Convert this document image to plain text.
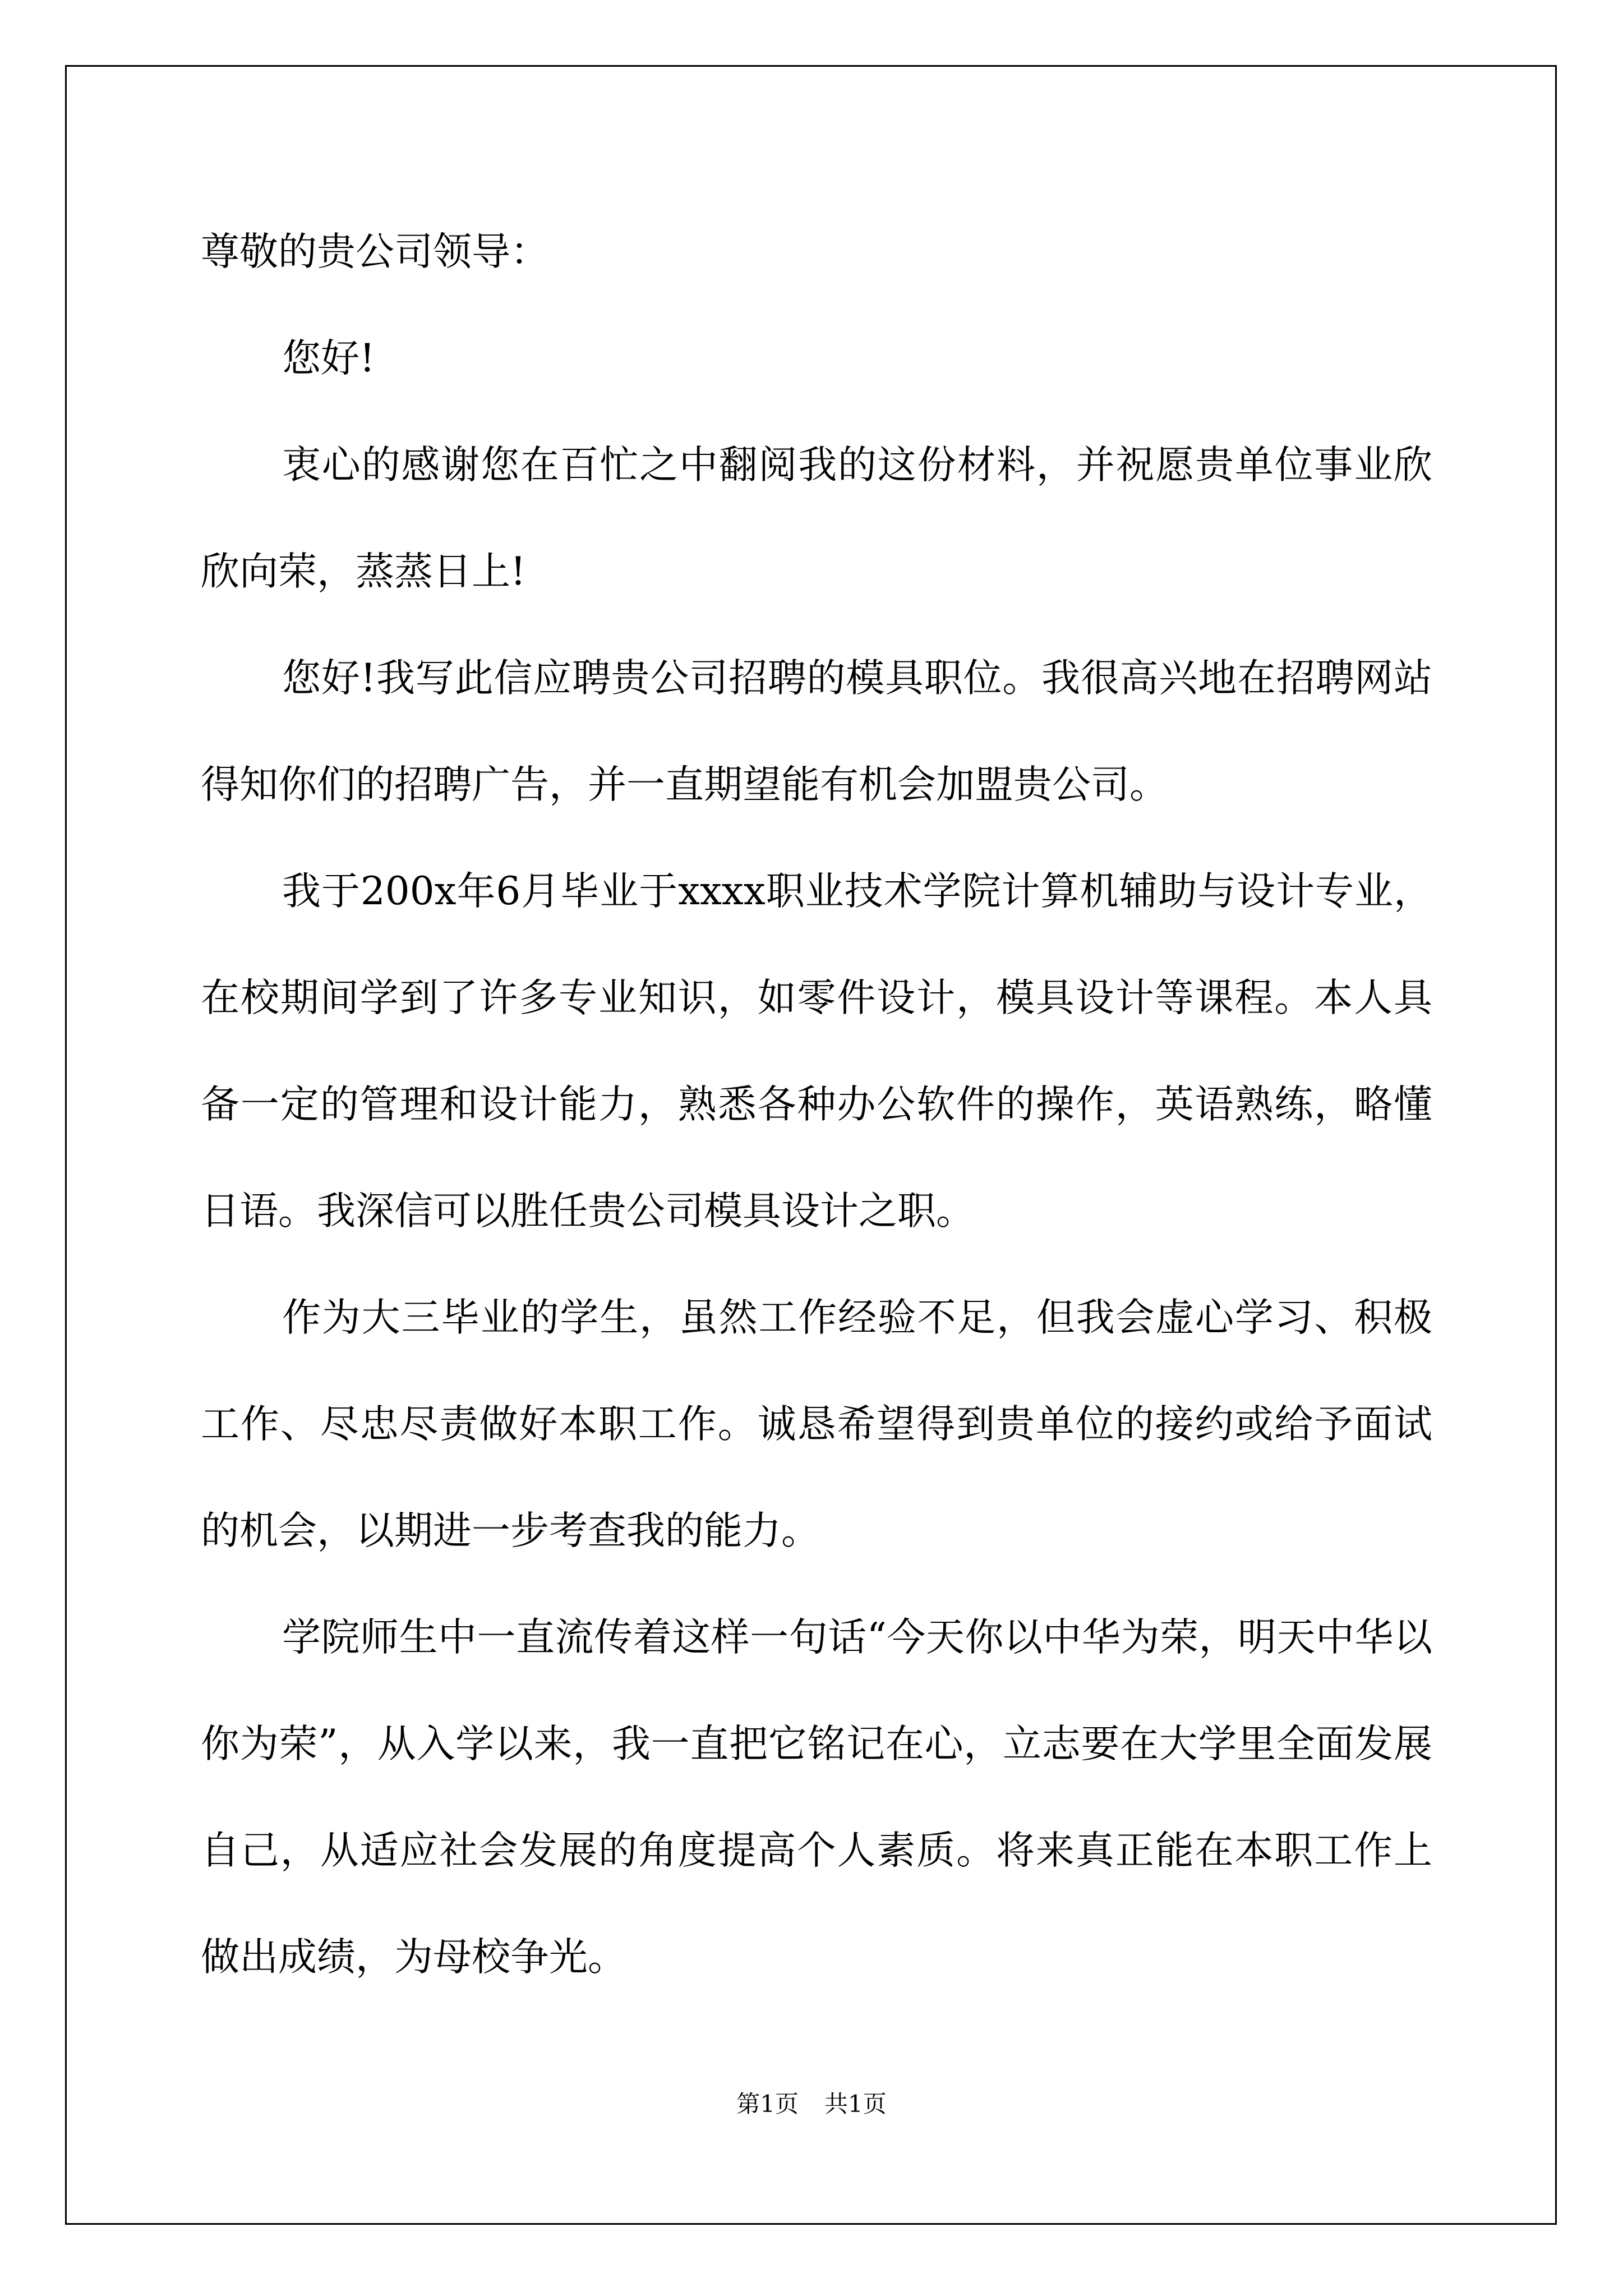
尊敬的贵公司领导：

您好!

衷心的感谢您在百忙之中翻阅我的这份材料，并祝愿贵单位事业欣欣向荣，蒸蒸日上!

您好!我写此信应聘贵公司招聘的模具职位。我很高兴地在招聘网站得知你们的招聘广告，并一直期望能有机会加盟贵公司。

我于200x年6月毕业于xxxx职业技术学院计算机辅助与设计专业，在校期间学到了许多专业知识，如零件设计，模具设计等课程。本人具备一定的管理和设计能力，熟悉各种办公软件的操作，英语熟练，略懂日语。我深信可以胜任贵公司模具设计之职。

作为大三毕业的学生，虽然工作经验不足，但我会虚心学习、积极工作、尽忠尽责做好本职工作。诚恳希望得到贵单位的接约或给予面试的机会，以期进一步考查我的能力。

学院师生中一直流传着这样一句话“今天你以中华为荣，明天中华以你为荣”，从入学以来，我一直把它铭记在心，立志要在大学里全面发展自己，从适应社会发展的角度提高个人素质。将来真正能在本职工作上做出成绩，为母校争光。

第1页 共1页
